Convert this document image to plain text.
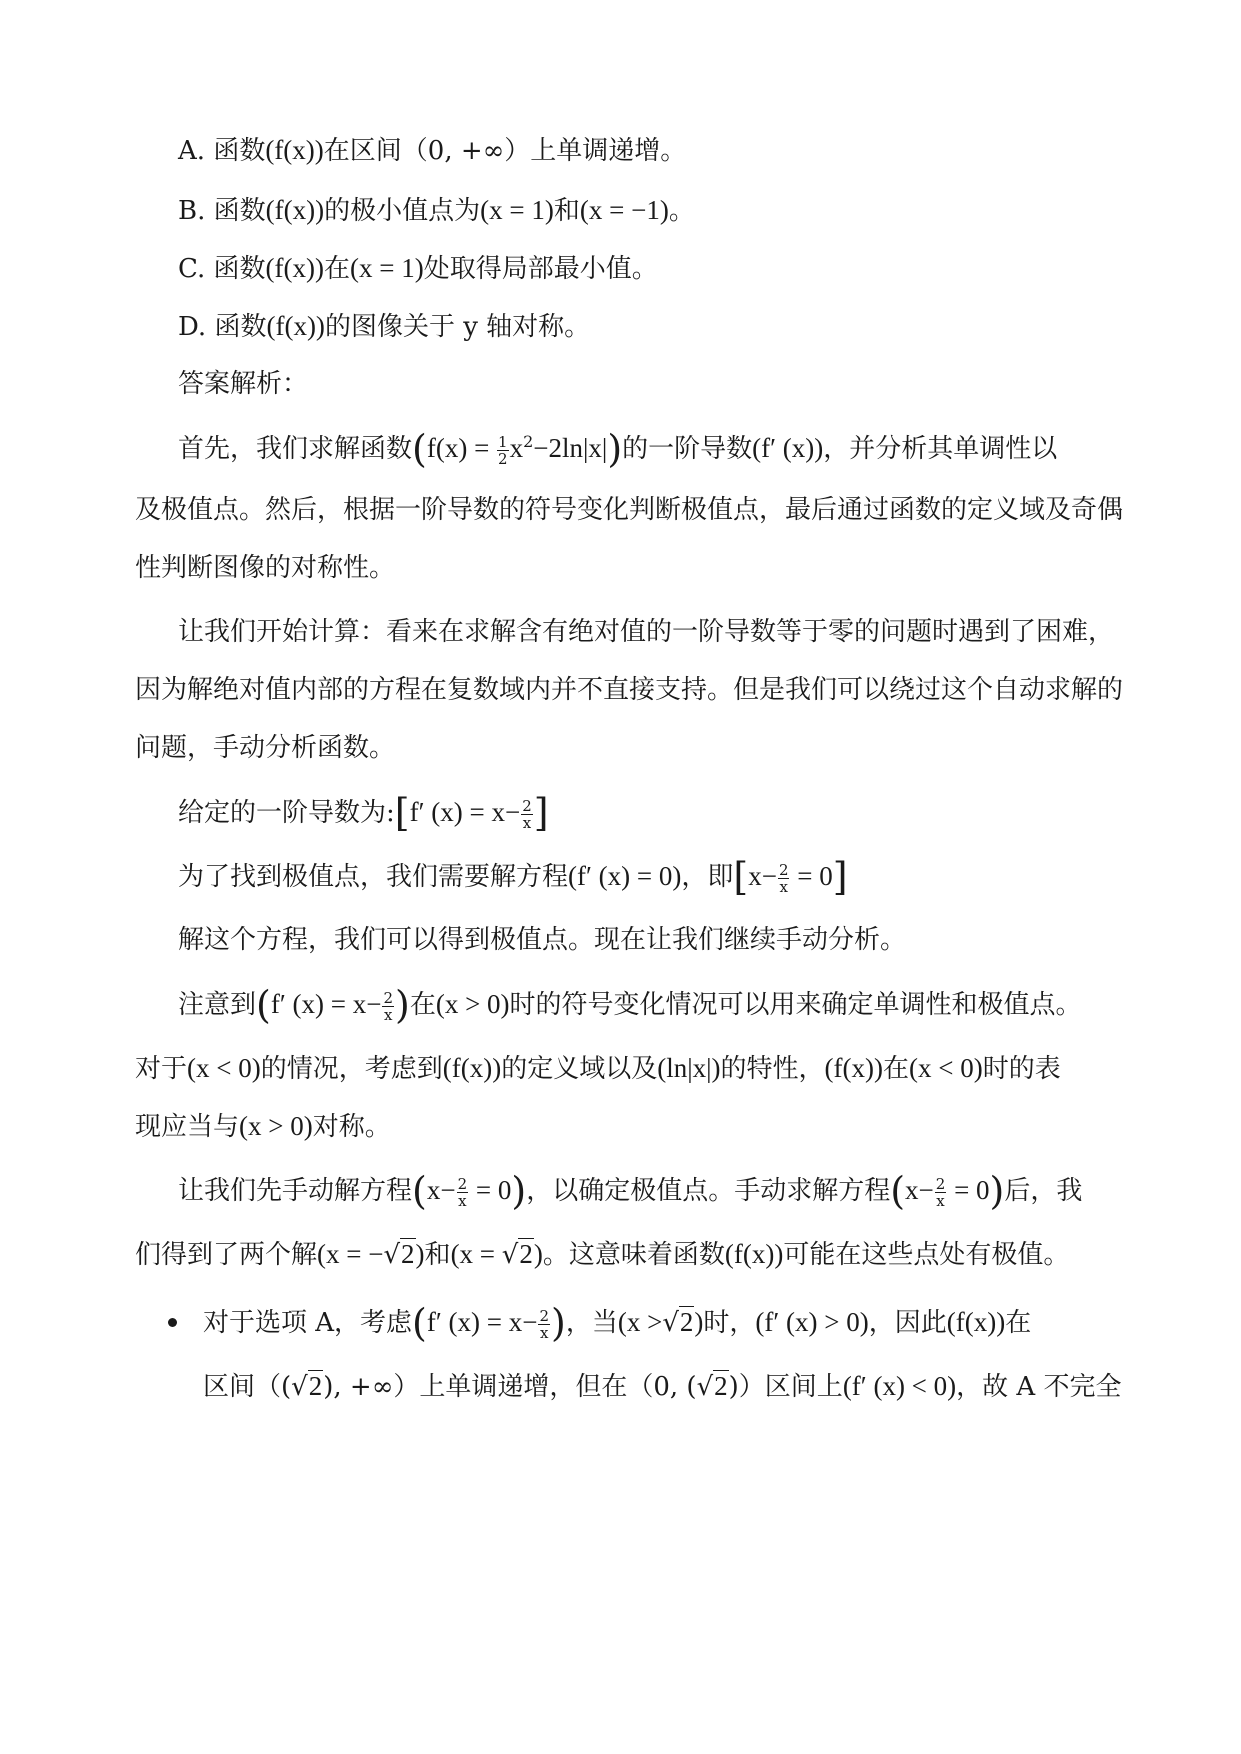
A. 函数(f(x))在区间（0, +∞）上单调递增。
B. 函数(f(x))的极小值点为(x = 1)和(x = −1)。
C. 函数(f(x))在(x = 1)处取得局部最小值。
D. 函数(f(x))的图像关于 y 轴对称。
答案解析：
首先，我们求解函数$(f(x) = \frac{1}{2} x^2-2\ln|x|)$的一阶导数(f′ (x))，并分析其单调性以
及极值点。然后，根据一阶导数的符号变化判断极值点，最后通过函数的定义域及奇偶
性判断图像的对称性。
让我们开始计算：看来在求解含有绝对值的一阶导数等于零的问题时遇到了困难，
因为解绝对值内部的方程在复数域内并不直接支持。但是我们可以绕过这个自动求解的
问题，手动分析函数。
给定的一阶导数为:[f′ $(x) = x- \frac{2}{x}$ ]
为了找到极值点，我们需要解方程(f′ (x) = 0)，即$[x- \frac{2}{x} = 0]$
解这个方程，我们可以得到极值点。现在让我们继续手动分析。
注意到(f′ $(x) = x- \frac{2}{x}$ )在(x > 0)时的符号变化情况可以用来确定单调性和极值点。
对于(x < 0)的情况，考虑到(f(x))的定义域以及(ln|x|)的特性，(f(x))在(x < 0)时的表
现应当与(x > 0)对称。
让我们先手动解方程$(x- \frac{2}{x} = 0)$，以确定极值点。手动求解方程$(x- \frac{2}{x} = 0)$后，我
们得到了两个解(x = −√2)和(x = √2)。这意味着函数(f(x))可能在这些点处有极值。
对于选项 A，考虑(f′ $(x) = x- \frac{2}{x}$ )，当(x >√2)时，(f′ (x) > 0)，因此(f(x))在
区间（(√2), +∞）上单调递增，但在（0, (√2)）区间上(f′ (x) < 0)，故 A 不完全
